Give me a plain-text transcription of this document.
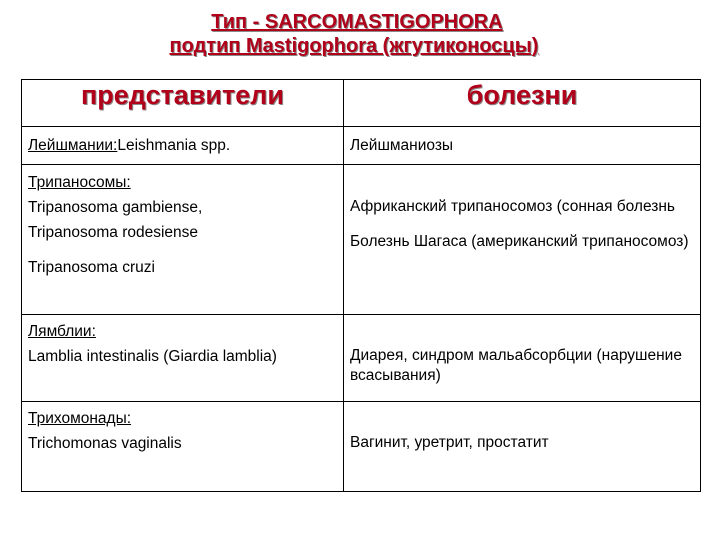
Тип - SARCOMASTIGOPHORA
подтип Mastigophora (жгутиконосцы)
представители	болезни

Лейшмании:Leishmania spp.	Лейшманиозы

Трипаносомы:
Tripanosoma gambiense,
Tripanosoma rodesiense
Tripanosoma cruzi	Африканский трипаносомоз (сонная болезнь
Болезнь Шагаса (американский трипаносомоз)

Лямблии:
Lamblia intestinalis (Giardia lamblia)	Диарея, синдром мальабсорбции (нарушение всасывания)

Трихомонады:
Trichomonas vaginalis	Вагинит, уретрит, простатит
